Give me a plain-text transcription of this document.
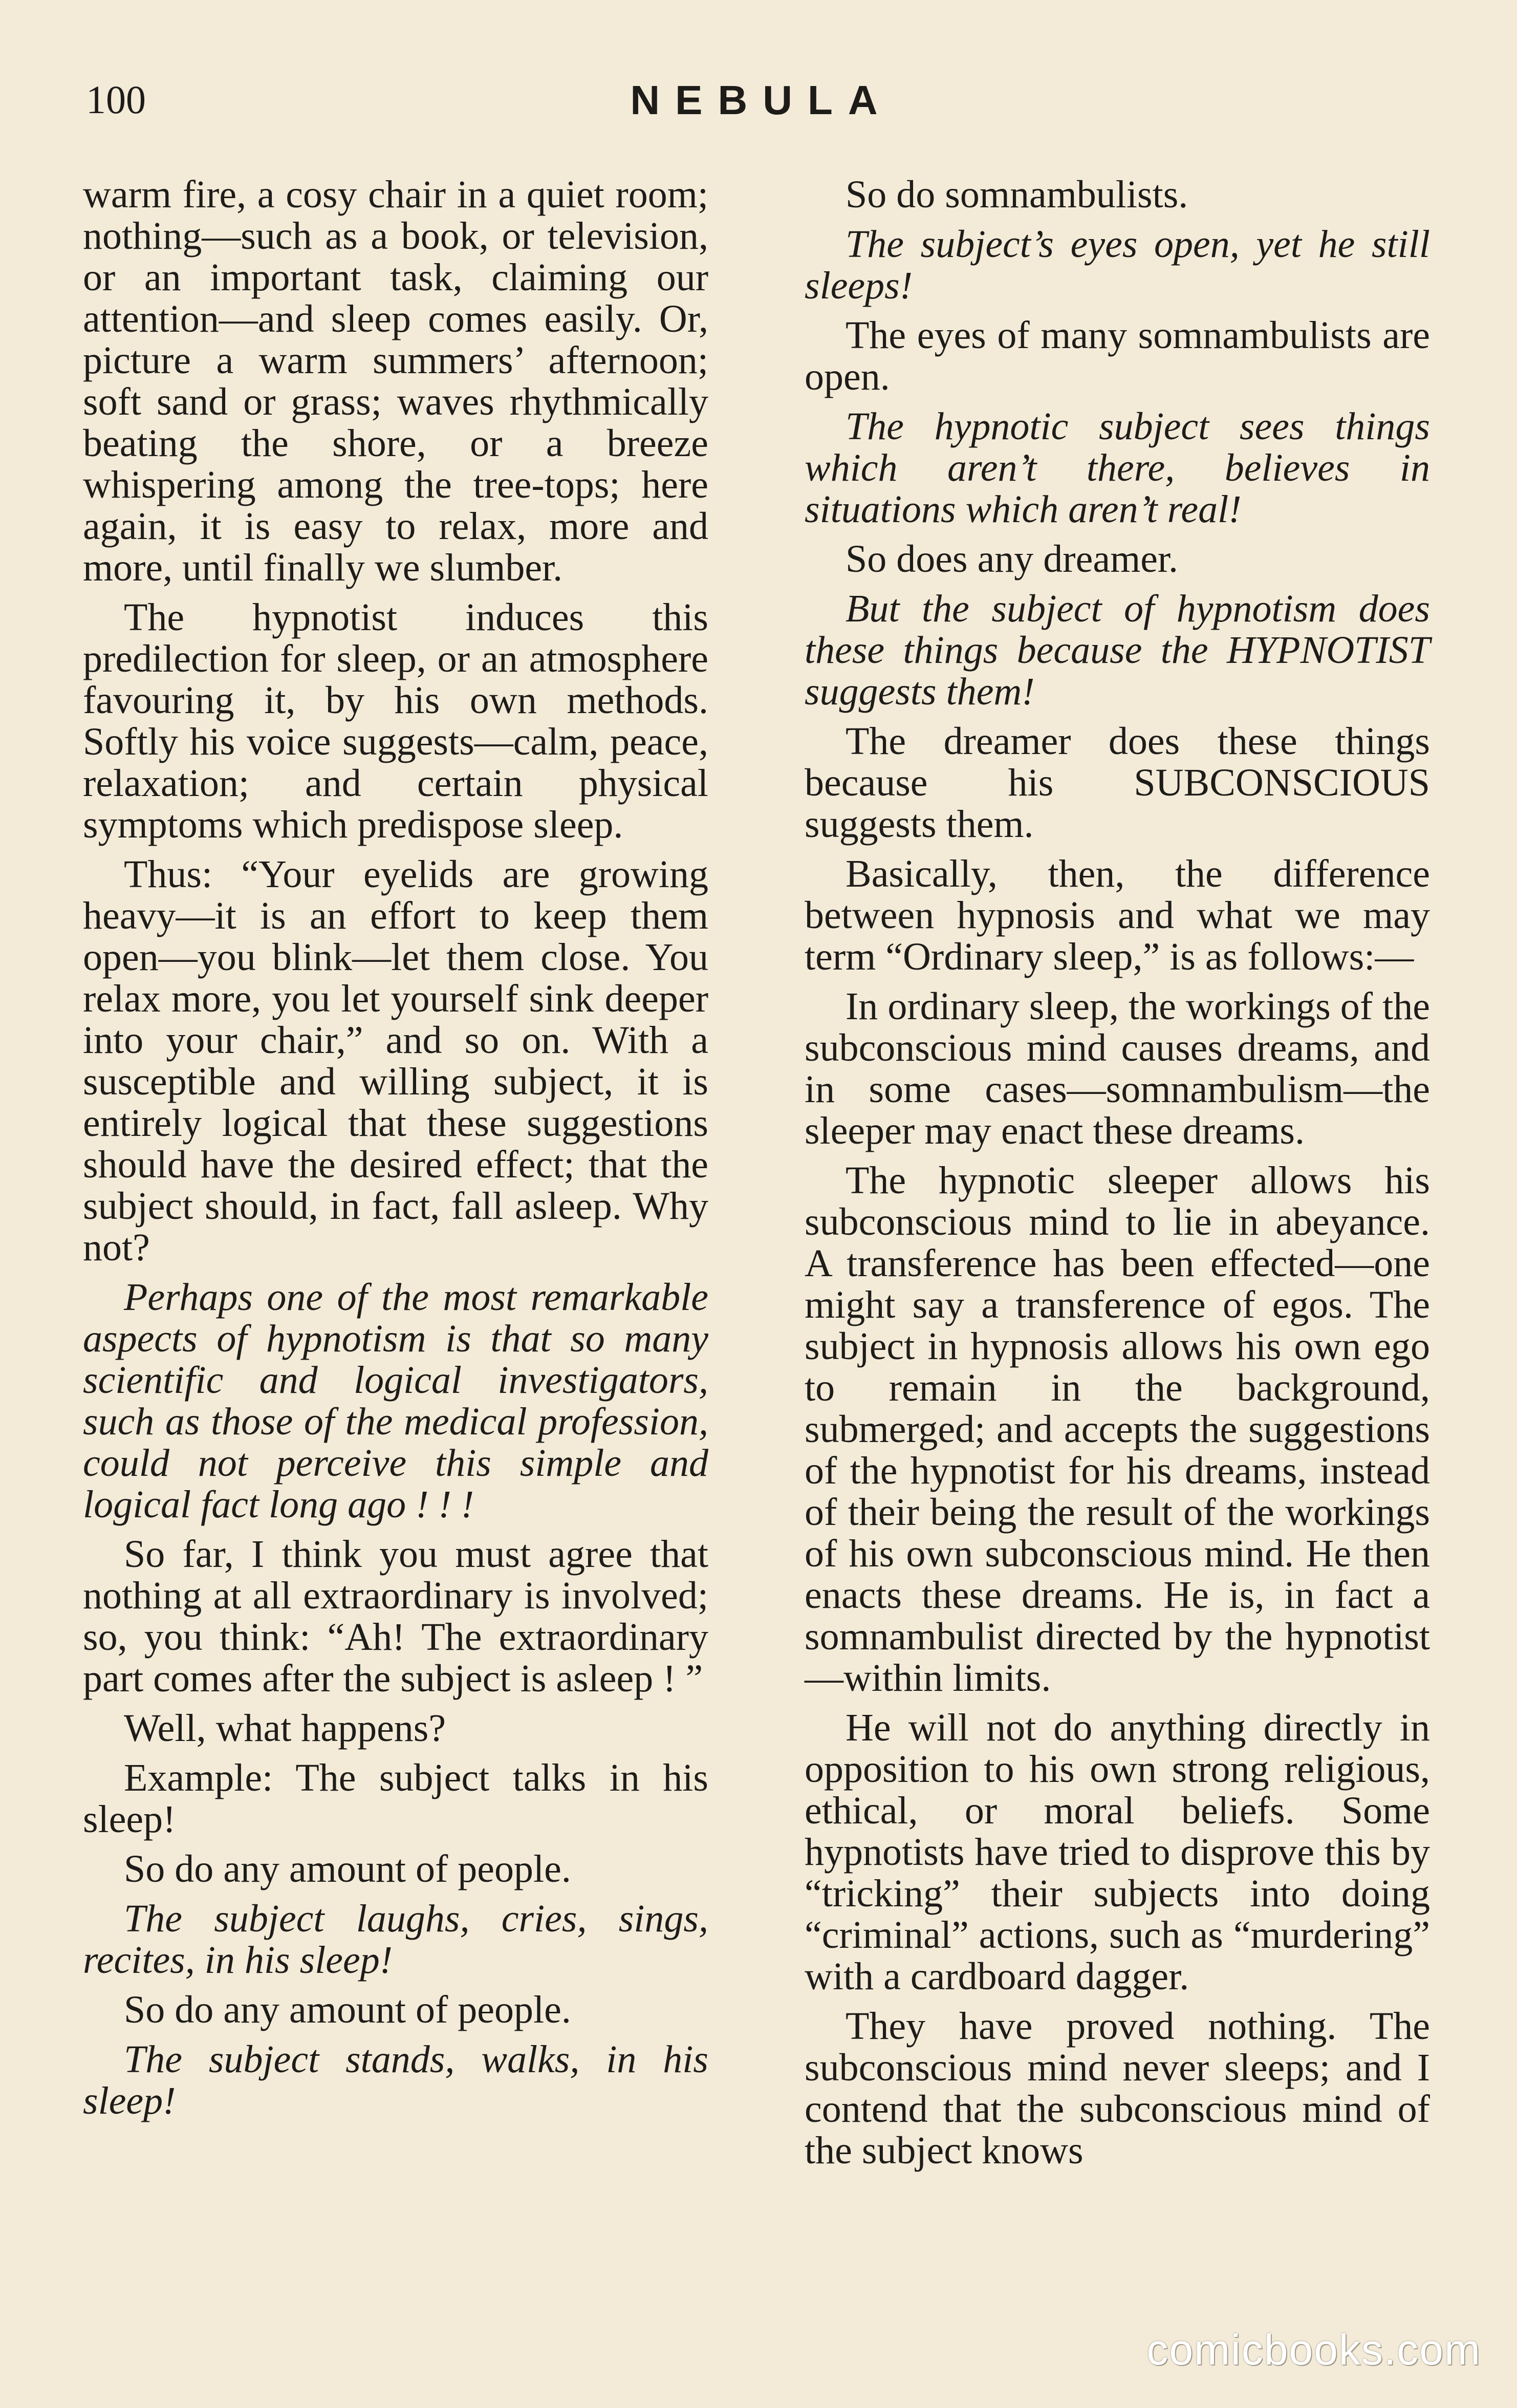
100	NEBULA

warm fire, a cosy chair in a quiet room; nothing—such as a book, or television, or an important task, claiming our attention—and sleep comes easily. Or, picture a warm summers’ afternoon; soft sand or grass; waves rhythmically beating the shore, or a breeze whispering among the tree-tops; here again, it is easy to relax, more and more, until finally we slumber.

The hypnotist induces this predilection for sleep, or an atmosphere favouring it, by his own methods. Softly his voice suggests—calm, peace, relaxation; and certain physical symptoms which predispose sleep.

Thus: “Your eyelids are growing heavy—it is an effort to keep them open—you blink—let them close. You relax more, you let yourself sink deeper into your chair,” and so on. With a susceptible and willing subject, it is entirely logical that these suggestions should have the desired effect; that the subject should, in fact, fall asleep. Why not?

Perhaps one of the most remarkable aspects of hypnotism is that so many scientific and logical investigators, such as those of the medical profession, could not perceive this simple and logical fact long ago ! ! !

So far, I think you must agree that nothing at all extraordinary is involved; so, you think: “Ah! The extraordinary part comes after the subject is asleep ! ”

Well, what happens?

Example: The subject talks in his sleep!

So do any amount of people.

The subject laughs, cries, sings, recites, in his sleep!

So do any amount of people.

The subject stands, walks, in his sleep!

So do somnambulists.

The subject’s eyes open, yet he still sleeps!

The eyes of many somnambulists are open.

The hypnotic subject sees things which aren’t there, believes in situations which aren’t real!

So does any dreamer.

But the subject of hypnotism does these things because the HYPNOTIST suggests them!

The dreamer does these things because his SUBCONSCIOUS suggests them.

Basically, then, the difference between hypnosis and what we may term “Ordinary sleep,” is as follows:—

In ordinary sleep, the workings of the subconscious mind causes dreams, and in some cases—somnambulism—the sleeper may enact these dreams.

The hypnotic sleeper allows his subconscious mind to lie in abeyance. A transference has been effected—one might say a transference of egos. The subject in hypnosis allows his own ego to remain in the background, submerged; and accepts the suggestions of the hypnotist for his dreams, instead of their being the result of the workings of his own subconscious mind. He then enacts these dreams. He is, in fact a somnambulist directed by the hypnotist—within limits.

He will not do anything directly in opposition to his own strong religious, ethical, or moral beliefs. Some hypnotists have tried to disprove this by “tricking” their subjects into doing “criminal” actions, such as “murdering” with a cardboard dagger.

They have proved nothing. The subconscious mind never sleeps; and I contend that the subconscious mind of the subject knows

comicbooks.com
